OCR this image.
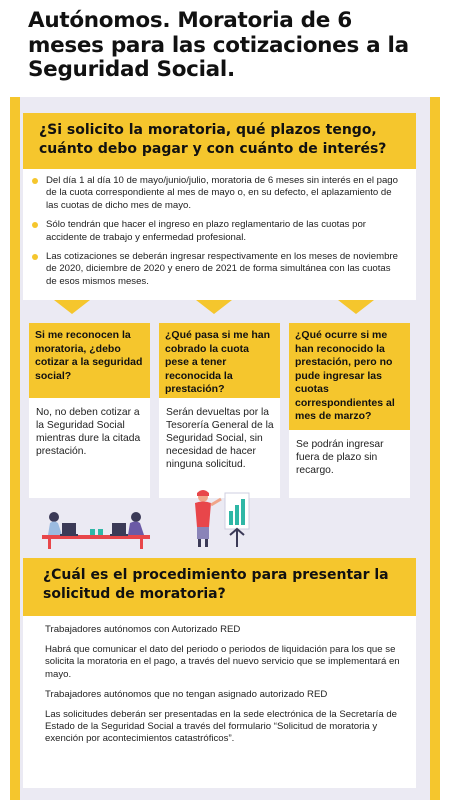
Autónomos. Moratoria de 6 meses para las cotizaciones a la Seguridad Social.
¿Si solicito la moratoria, qué plazos tengo, cuánto debo pagar y con cuánto de interés?
Del día 1 al día 10 de mayo/junio/julio, moratoria de 6 meses sin interés en el pago de la cuota correspondiente al mes de mayo o, en su defecto, el aplazamiento de las cuotas de dicho mes de mayo.
Sólo tendrán que hacer el ingreso en plazo reglamentario de las cuotas por accidente de trabajo y enfermedad profesional.
Las cotizaciones se deberán ingresar respectivamente en los meses de noviembre de 2020, diciembre de 2020 y enero de 2021 de forma simultánea con las cuotas de esos mismos meses.
Si me reconocen la moratoria, ¿debo cotizar a la seguridad social?
No, no deben cotizar a la Seguridad Social mientras dure la citada prestación.
¿Qué pasa si me han cobrado la cuota pese a tener reconocida la prestación?
Serán devueltas por la Tesorería General de la Seguridad Social, sin necesidad de hacer ninguna solicitud.
¿Qué ocurre si me han reconocido la prestación, pero no pude ingresar las cuotas correspondientes al mes de marzo?
Se podrán ingresar fuera de plazo sin recargo.
¿Cuál es el procedimiento para presentar la solicitud de moratoria?

Trabajadores autónomos con Autorizado RED

Habrá que comunicar el dato del periodo o periodos de liquidación para los que se solicita la moratoria en el pago, a través del nuevo servicio que se implementará en mayo.

Trabajadores autónomos que no tengan asignado autorizado RED

Las solicitudes deberán ser presentadas en la sede electrónica de la Secretaría de Estado de la Seguridad Social a través del formulario “Solicitud de moratoria y exención por acontecimientos catastróficos”.
